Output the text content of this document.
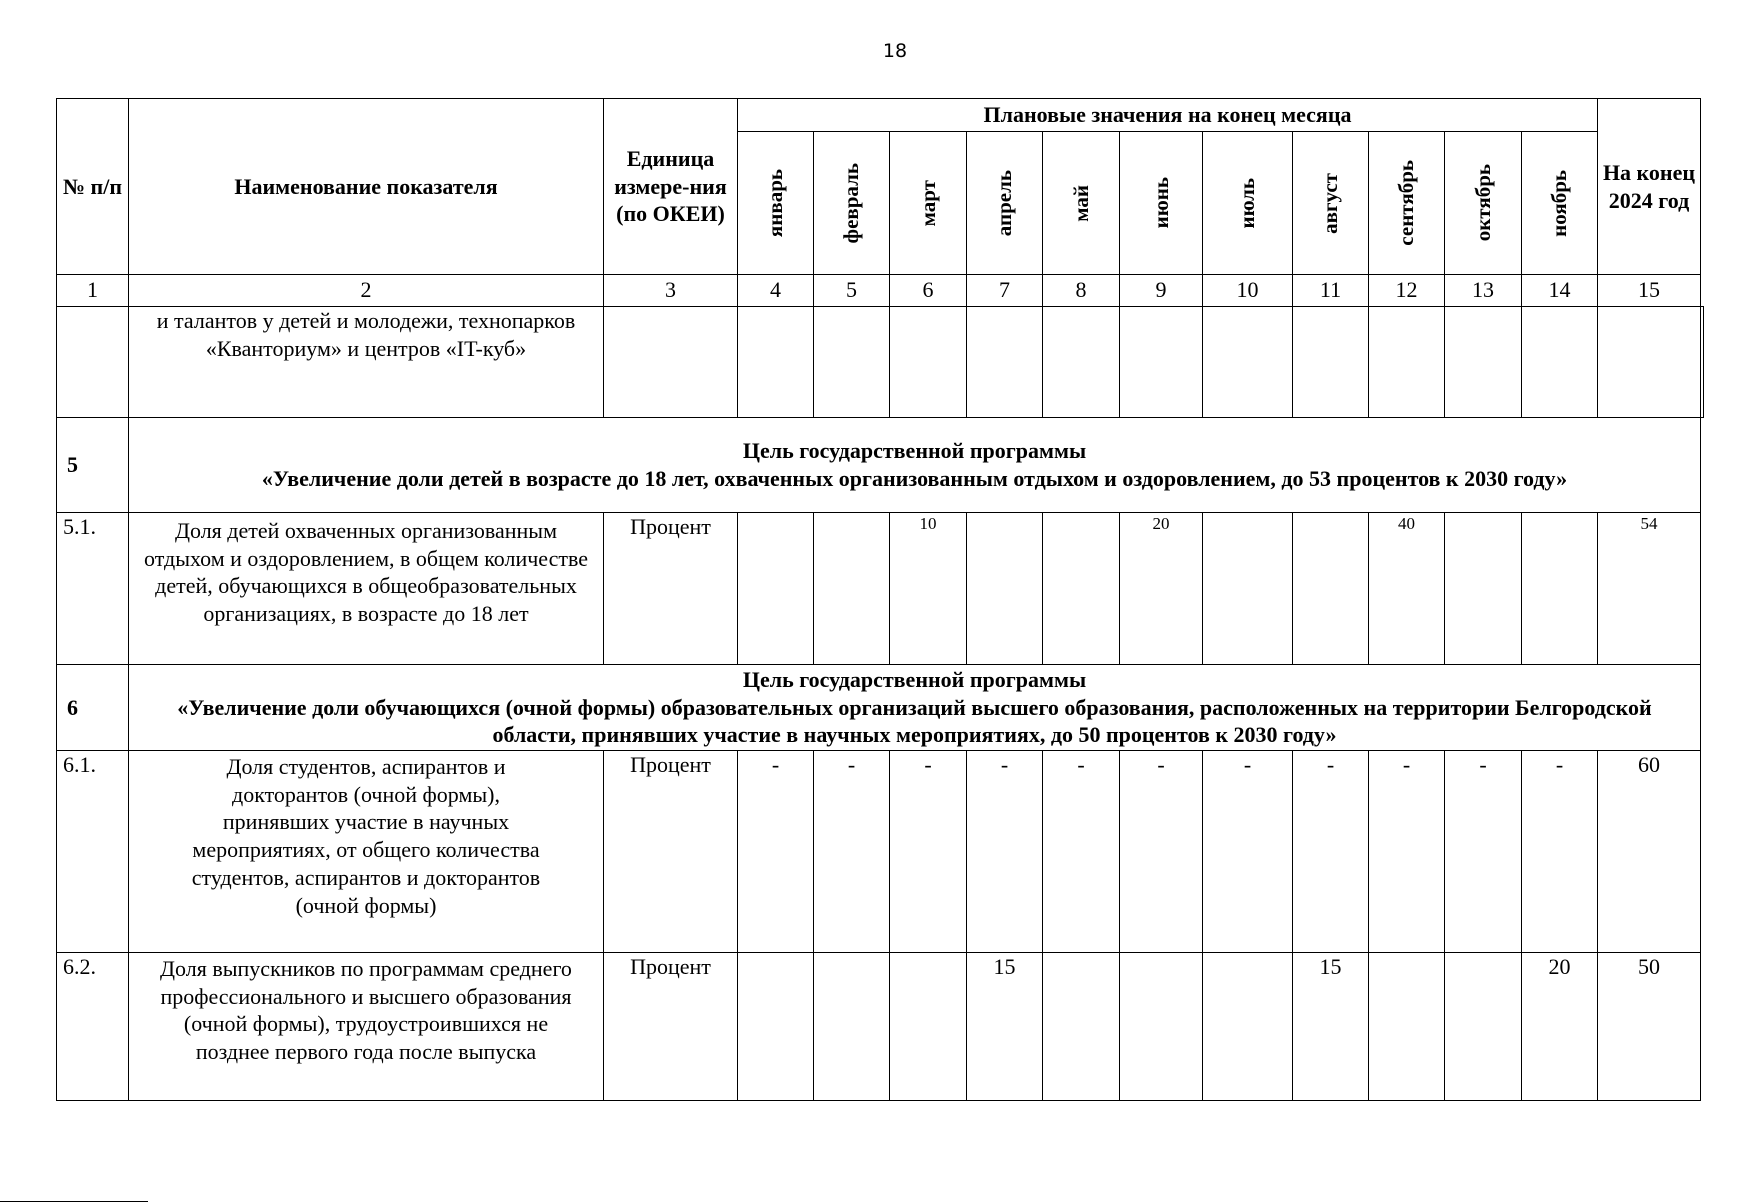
18
№ п/п	Наименование показателя	Единица измере-ния (по ОКЕИ)	Плановые значения на конец месяца											На конец 2024 год	

			январь	февраль	март	апрель	май	июнь	июль	август	сентябрь	октябрь	ноябрь		

1	2	3	4	5	6	7	8	9	10	11	12	13	14	15	
	и талантов у детей и молодежи, технопарков «Кванториум» и центров «IT-куб»														
5	Цель государственной программы
«Увеличение доли детей в возрасте до 18 лет, охваченных организованным отдыхом и оздоровлением, до 53 процентов к 2030 году»														

5.1.	Доля детей охваченных организованным отдыхом и оздоровлением, в общем количестве детей, обучающихся в общеобразовательных организациях, в возрасте до 18 лет	Процент			10			20			40			54	
6	Цель государственной программы
«Увеличение доли обучающихся (очной формы) образовательных организаций высшего образования, расположенных на территории Белгородской области, принявших участие в научных мероприятиях, до 50 процентов к 2030 году»														

6.1.	Доля студентов, аспирантов и докторантов (очной формы), принявших участие в научных мероприятиях, от общего количества студентов, аспирантов и докторантов (очной формы)	Процент	-	-	-	-	-	-	-	-	-	-	-	60	
6.2.	Доля выпускников по программам среднего профессионального и высшего образования (очной формы), трудоустроившихся не позднее первого года после выпуска	Процент				15				15			20	50	
